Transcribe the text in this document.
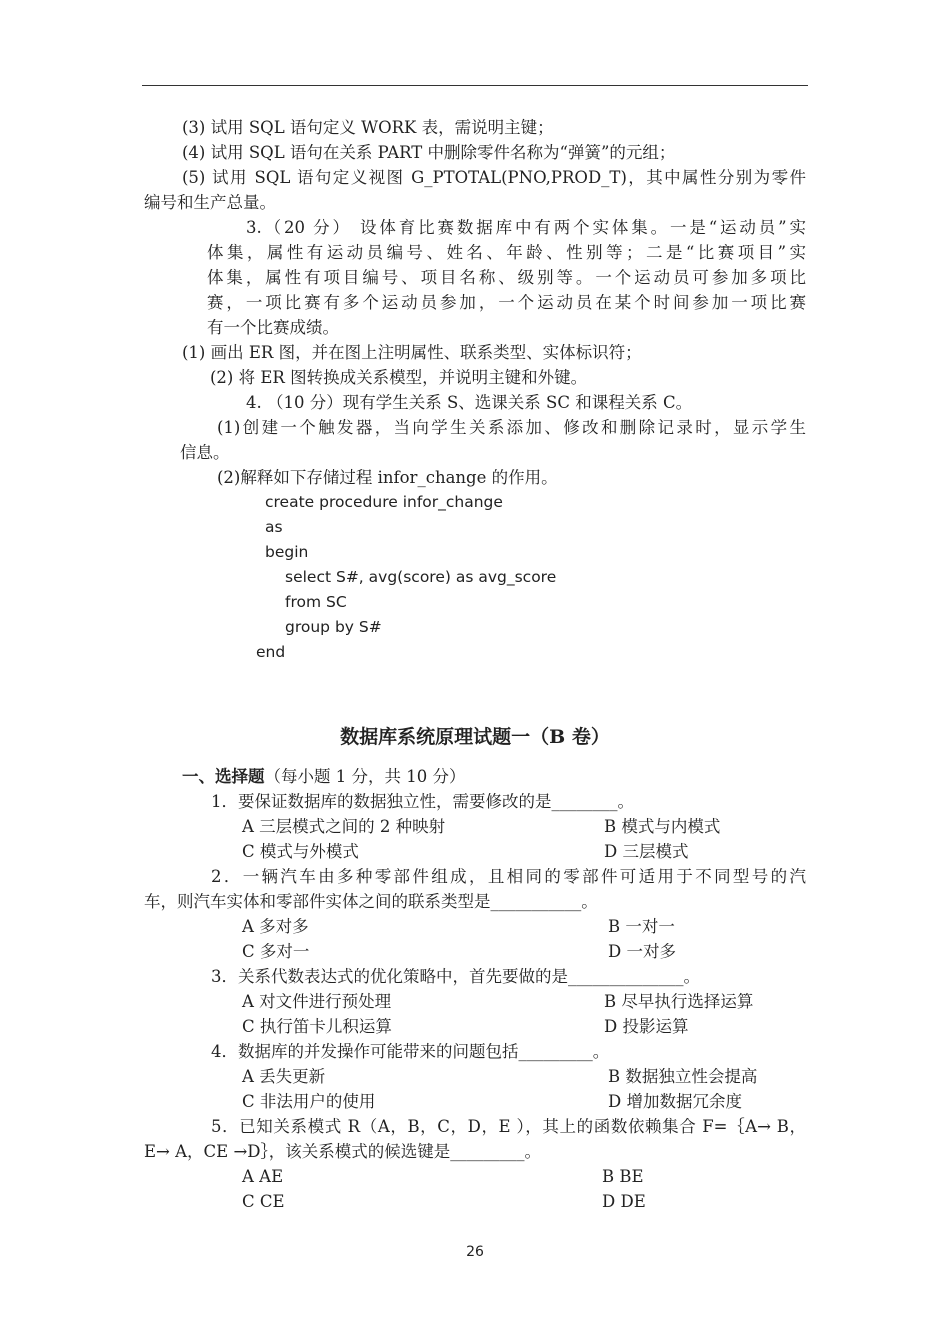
(3) 试用 SQL 语句定义 WORK 表，需说明主键；
(4) 试用 SQL 语句在关系 PART 中删除零件名称为“弹簧”的元组；
(5) 试用 SQL 语句定义视图 G_PTOTAL(PNO,PROD_T)，其中属性分别为零件
编号和生产总量。
3.（20 分） 设体育比赛数据库中有两个实体集。一是“运动员”实
体集，属性有运动员编号、姓名、年龄、性别等；二是“比赛项目”实
体集，属性有项目编号、项目名称、级别等。一个运动员可参加多项比
赛，一项比赛有多个运动员参加，一个运动员在某个时间参加一项比赛
有一个比赛成绩。
(1) 画出 ER 图，并在图上注明属性、联系类型、实体标识符；
(2) 将 ER 图转换成关系模型，并说明主键和外键。
4. （10 分）现有学生关系 S、选课关系 SC 和课程关系 C。
(1)创建一个触发器，当向学生关系添加、修改和删除记录时，显示学生
信息。
(2)解释如下存储过程 infor_change 的作用。
create procedure infor_change
as
begin
select S#, avg(score) as avg_score
from SC
group by S#
end
数据库系统原理试题一（B 卷）
一、选择题（每小题 1 分，共 10 分）
1．要保证数据库的数据独立性，需要修改的是________。
A 三层模式之间的 2 种映射	B 模式与内模式
C 模式与外模式	D 三层模式
2．一辆汽车由多种零部件组成，且相同的零部件可适用于不同型号的汽
车，则汽车实体和零部件实体之间的联系类型是___________。
A 多对多	B 一对一
C 多对一	D 一对多
3．关系代数表达式的优化策略中，首先要做的是______________。
A 对文件进行预处理	B 尽早执行选择运算
C 执行笛卡儿积运算	D 投影运算
4．数据库的并发操作可能带来的问题包括_________。
A 丢失更新	B 数据独立性会提高
C 非法用户的使用	D 增加数据冗余度
5．已知关系模式 R（A，B，C，D，E ），其上的函数依赖集合 F=｛A→ B，
E→ A，CE →D｝，该关系模式的候选键是_________。
A AE	B BE
C CE	D DE
26
